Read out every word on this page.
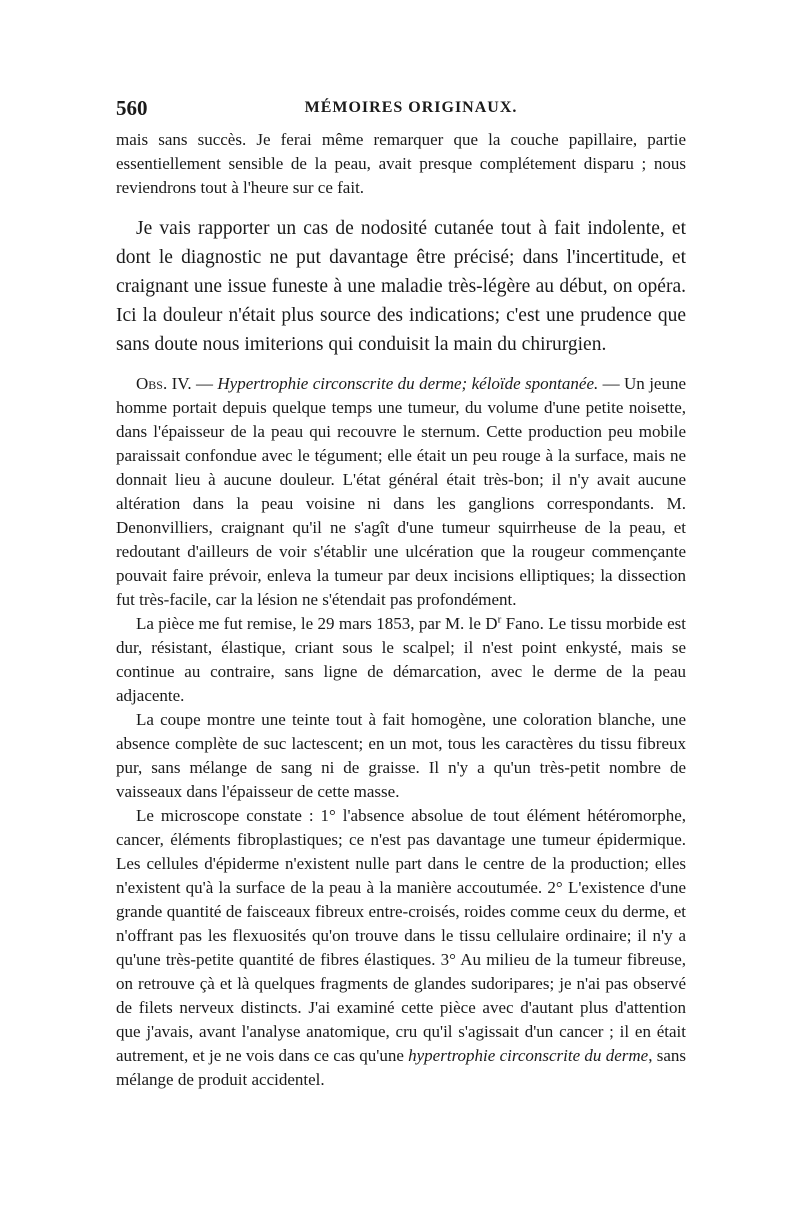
560	MÉMOIRES ORIGINAUX.

mais sans succès. Je ferai même remarquer que la couche papillaire, partie essentiellement sensible de la peau, avait presque complétement disparu ; nous reviendrons tout à l'heure sur ce fait.

Je vais rapporter un cas de nodosité cutanée tout à fait indolente, et dont le diagnostic ne put davantage être précisé; dans l'incertitude, et craignant une issue funeste à une maladie très-légère au début, on opéra. Ici la douleur n'était plus source des indications; c'est une prudence que sans doute nous imiterions qui conduisit la main du chirurgien.

Obs. IV. — Hypertrophie circonscrite du derme; kéloïde spontanée. — Un jeune homme portait depuis quelque temps une tumeur, du volume d'une petite noisette, dans l'épaisseur de la peau qui recouvre le sternum. Cette production peu mobile paraissait confondue avec le tégument; elle était un peu rouge à la surface, mais ne donnait lieu à aucune douleur. L'état général était très-bon; il n'y avait aucune altération dans la peau voisine ni dans les ganglions correspondants. M. Denonvilliers, craignant qu'il ne s'agît d'une tumeur squirrheuse de la peau, et redoutant d'ailleurs de voir s'établir une ulcération que la rougeur commençante pouvait faire prévoir, enleva la tumeur par deux incisions elliptiques; la dissection fut très-facile, car la lésion ne s'étendait pas profondément.

La pièce me fut remise, le 29 mars 1853, par M. le $D^r$ Fano. Le tissu morbide est dur, résistant, élastique, criant sous le scalpel; il n'est point enkysté, mais se continue au contraire, sans ligne de démarcation, avec le derme de la peau adjacente.

La coupe montre une teinte tout à fait homogène, une coloration blanche, une absence complète de suc lactescent; en un mot, tous les caractères du tissu fibreux pur, sans mélange de sang ni de graisse. Il n'y a qu'un très-petit nombre de vaisseaux dans l'épaisseur de cette masse.

Le microscope constate : 1° l'absence absolue de tout élément hétéromorphe, cancer, éléments fibroplastiques; ce n'est pas davantage une tumeur épidermique. Les cellules d'épiderme n'existent nulle part dans le centre de la production; elles n'existent qu'à la surface de la peau à la manière accoutumée. 2° L'existence d'une grande quantité de faisceaux fibreux entre-croisés, roides comme ceux du derme, et n'offrant pas les flexuosités qu'on trouve dans le tissu cellulaire ordinaire; il n'y a qu'une très-petite quantité de fibres élastiques. 3° Au milieu de la tumeur fibreuse, on retrouve çà et là quelques fragments de glandes sudoripares; je n'ai pas observé de filets nerveux distincts. J'ai examiné cette pièce avec d'autant plus d'attention que j'avais, avant l'analyse anatomique, cru qu'il s'agissait d'un cancer ; il en était autrement, et je ne vois dans ce cas qu'une hypertrophie circonscrite du derme, sans mélange de produit accidentel.
